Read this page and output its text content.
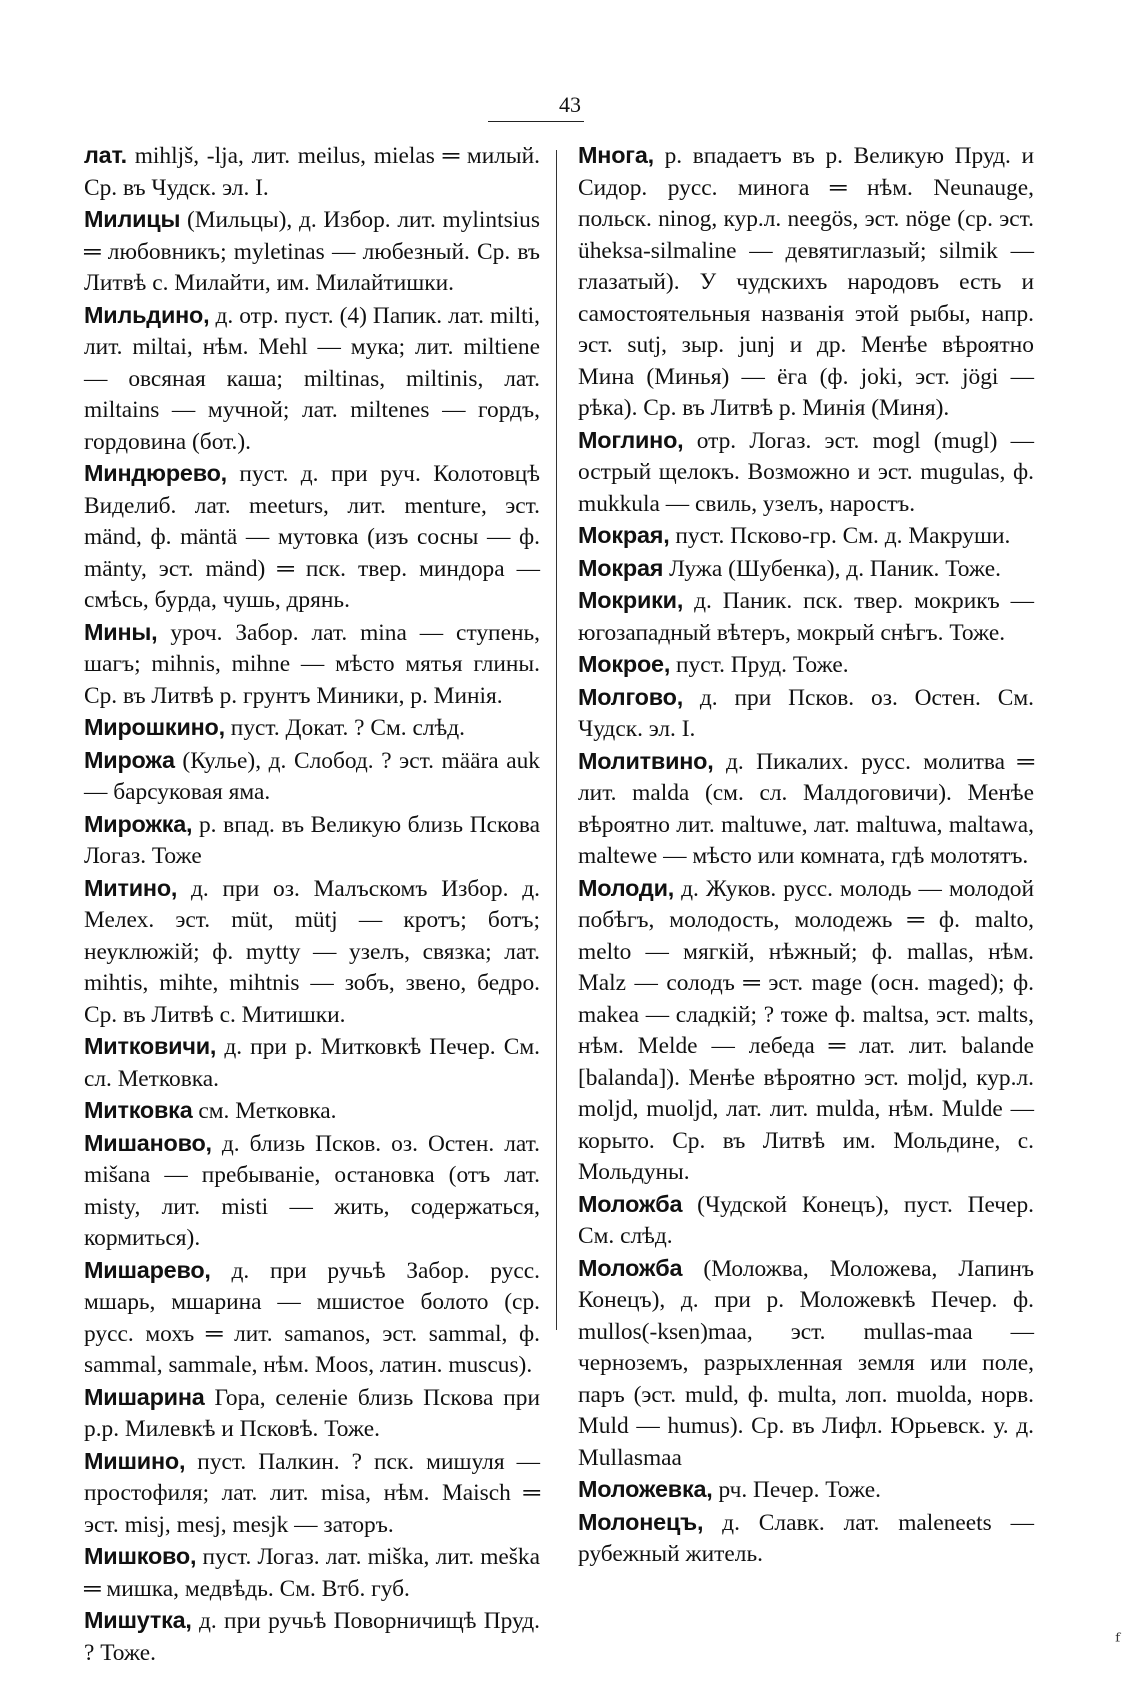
43

лат. mihljš, -lja, лит. meilus, mielas ═ милый. Ср. въ Чудск. эл. I.

Милицы (Мильцы), д. Избор. лит. mylintsius ═ любовникъ; myletinas — любезный. Ср. въ Литвѣ с. Милайти, им. Милайтишки.

Мильдино, д. отр. пуст. (4) Папик. лат. milti, лит. miltai, нѣм. Mehl — мука; лит. miltiene — овсяная каша; miltinas, miltinis, лат. miltains — мучной; лат. miltenes — гордъ, гордовина (бот.).

Миндюрево, пуст. д. при руч. Колотовцѣ Виделиб. лат. meeturs, лит. menture, эст. mänd, ф. mäntä — мутовка (изъ сосны — ф. mänty, эст. mänd) ═ пск. твер. миндора — смѣсь, бурда, чушь, дрянь.

Мины, уроч. Забор. лат. mina — ступень, шагъ; mihnis, mihne — мѣсто мятья глины. Ср. въ Литвѣ р. грунтъ Миники, р. Минія.

Мирошкино, пуст. Докат. ? См. слѣд.

Мирожа (Кулье), д. Слобод. ? эст. määra auk — барсуковая яма.

Мирожка, р. впад. въ Великую близь Пскова Логаз. Тоже

Митино, д. при оз. Малъскомъ Избор. д. Мелех. эст. müt, mütj — кротъ; ботъ; неуклюжій; ф. mytty — узелъ, связка; лат. mihtis, mihte, mihtnis — зобъ, звено, бедро. Ср. въ Литвѣ с. Митишки.

Митковичи, д. при р. Митковкѣ Печер. См. сл. Метковка.

Митковка см. Метковка.

Мишаново, д. близь Псков. оз. Остен. лат. mišana — пребываніе, остановка (отъ лат. misty, лит. misti — жить, содержаться, кормиться).

Мишарево, д. при ручьѣ Забор. русс. мшарь, мшарина — мшистое болото (ср. русс. мохъ ═ лит. samanos, эст. sammal, ф. sammal, sammale, нѣм. Moos, латин. muscus).

Мишарина Гора, селеніе близь Пскова при р.р. Милевкѣ и Псковѣ. Тоже.

Мишино, пуст. Палкин. ? пск. мишуля — простофиля; лат. лит. misa, нѣм. Maisch ═ эст. misj, mesj, mesjk — заторъ.

Мишково, пуст. Логаз. лат. miška, лит. meška ═ мишка, медвѣдь. См. Втб. губ.

Мишутка, д. при ручьѣ Поворничищѣ Пруд. ? Тоже.

Многа, р. впадаетъ въ р. Великую Пруд. и Сидор. русс. минога ═ нѣм. Neunauge, польск. ninog, кур.л. neegös, эст. nöge (ср. эст. üheksa-silmaline — девятиглазый; silmik — глазатый). У чудскихъ народовъ есть и самостоятельныя названія этой рыбы, напр. эст. sutj, зыр. junj и др. Менѣе вѣроятно Мина (Минья) — ёга (ф. joki, эст. jögi — рѣка). Ср. въ Литвѣ р. Минія (Миня).

Моглино, отр. Логаз. эст. mogl (mugl) — острый щелокъ. Возможно и эст. mugulas, ф. mukkula — свиль, узелъ, наростъ.

Мокрая, пуст. Псково-гр. См. д. Макруши.

Мокрая Лужа (Шубенка), д. Паник. Тоже.

Мокрики, д. Паник. пск. твер. мокрикъ — югозападный вѣтеръ, мокрый снѣгъ. Тоже.

Мокрое, пуст. Пруд. Тоже.

Молгово, д. при Псков. оз. Остен. См. Чудск. эл. I.

Молитвино, д. Пикалих. русс. молитва ═ лит. malda (см. сл. Малдоговичи). Менѣе вѣроятно лит. maltuwe, лат. maltuwa, maltawa, maltewe — мѣсто или комната, гдѣ молотятъ.

Молоди, д. Жуков. русс. молодь — молодой побѣгъ, молодость, молодежь ═ ф. malto, melto — мягкій, нѣжный; ф. mallas, нѣм. Malz — солодъ ═ эст. mage (осн. maged); ф. makea — сладкій; ? тоже ф. maltsa, эст. malts, нѣм. Melde — лебеда ═ лат. лит. balande [balanda]). Менѣе вѣроятно эст. moljd, кур.л. moljd, muoljd, лат. лит. mulda, нѣм. Mulde — корыто. Ср. въ Литвѣ им. Мольдине, с. Мольдуны.

Моложба (Чудской Конецъ), пуст. Печер. См. слѣд.

Моложба (Моложва, Моложева, Лапинъ Конецъ), д. при р. Моложевкѣ Печер. ф. mullos(-ksen)maa, эст. mullas-maa — черноземъ, разрыхленная земля или поле, паръ (эст. muld, ф. multa, лоп. muolda, норв. Muld — humus). Ср. въ Лифл. Юрьевск. у. д. Mullasmaa

Моложевка, рч. Печер. Тоже.

Молонецъ, д. Славк. лат. maleneets — рубежный житель.

ᶠ
